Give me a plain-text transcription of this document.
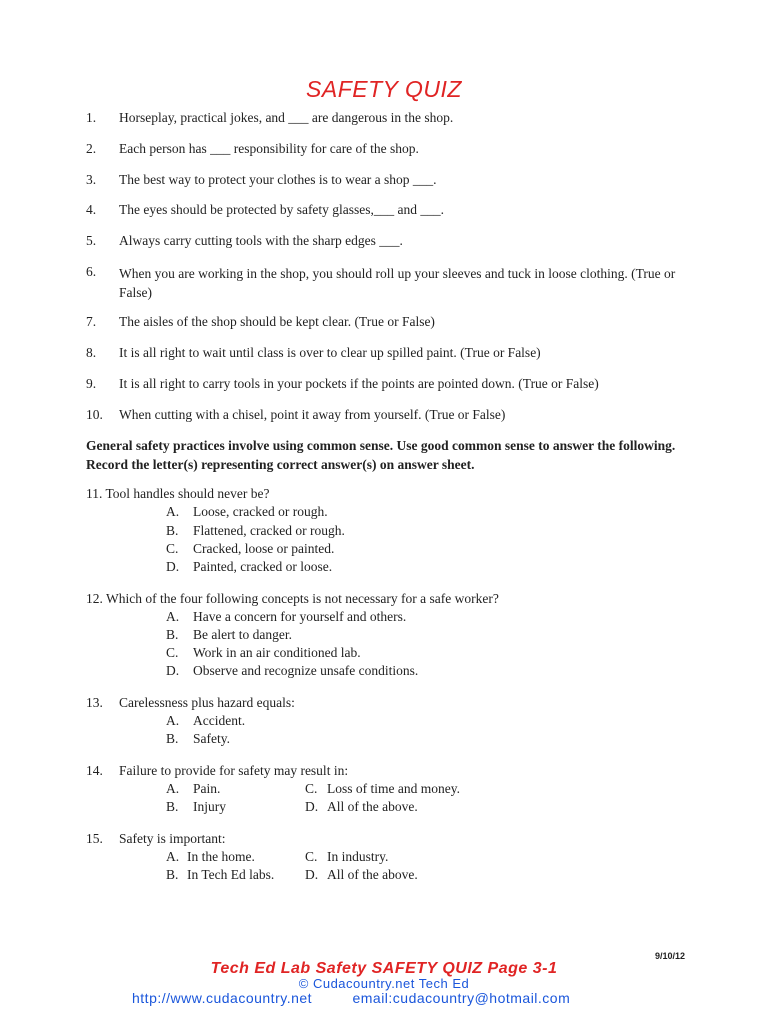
SAFETY QUIZ
1.	Horseplay, practical jokes, and ___ are dangerous in the shop.
2.	Each person has ___ responsibility for care of the shop.
3.	The best way to protect your clothes is to wear a shop ___.
4.	The eyes should be protected by safety glasses,___ and ___.
5.	Always carry cutting tools with the sharp edges ___.
6.	When you are working in the shop, you should roll up your sleeves and tuck in loose clothing. (True or False)
7.	The aisles of the shop should be kept clear. (True or False)
8.	It is all right to wait until class is over to clear up spilled paint. (True or False)
9.	It is all right to carry tools in your pockets if the points are pointed down. (True or False)
10.	When cutting with a chisel, point it away from yourself. (True or False)
General safety practices involve using common sense. Use good common sense to answer the following. Record the letter(s) representing correct answer(s) on answer sheet.
11. Tool handles should never be?
A. Loose, cracked or rough.
B. Flattened, cracked or rough.
C. Cracked, loose or painted.
D. Painted, cracked or loose.
12. Which of the four following concepts is not necessary for a safe worker?
A. Have a concern for yourself and others.
B. Be alert to danger.
C. Work in an air conditioned lab.
D. Observe and recognize unsafe conditions.
13.	Carelessness plus hazard equals:
A. Accident.
B. Safety.
14.	Failure to provide for safety may result in:
A. Pain.
B. Injury
C. Loss of time and money.
D. All of the above.
15.	Safety is important:
A. In the home.
B. In Tech Ed labs.
C. In industry.
D. All of the above.
9/10/12
Tech Ed Lab Safety SAFETY QUIZ Page 3-1
© Cudacountry.net Tech Ed
http://www.cudacountry.net	email:cudacountry@hotmail.com
